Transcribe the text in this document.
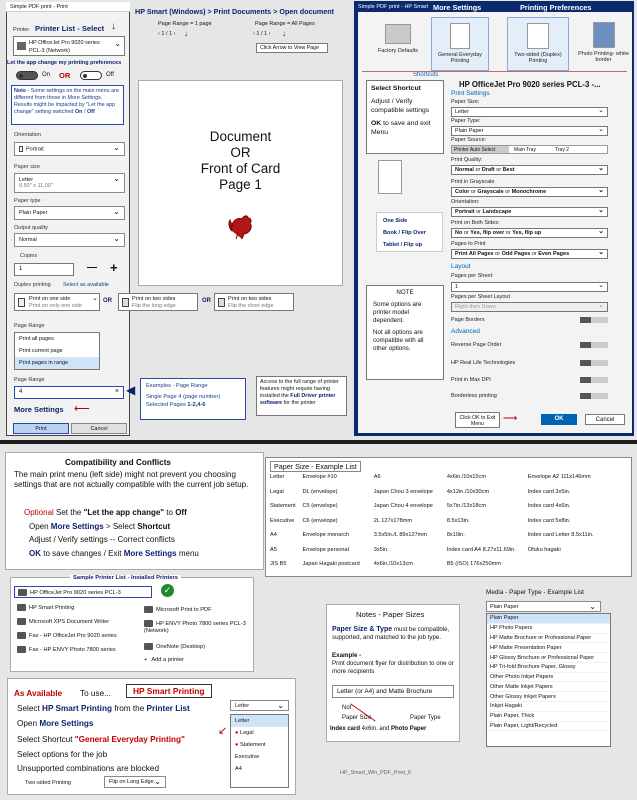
Simple PDF print - Print
Printer Printer List - Select ↓
HP OfficeJet Pro 9020 series
PCL-3 (Network)
⌄
Let the app change my printing preferences
On OR	Off
Note - Some settings on the main menu are different from those in More Settings. Results might be impacted by "Let the app change" setting switched On / Off
Orientation
Portrait ⌄
Paper size
Letter
8.50" x 11.00" ⌄
Paper type
Plain Paper ⌄
Output quality
Normal ⌄
Copies
1	— +
Duplex printing Select as available
Print on one side
Print on only one side
⌄ OR	Print on two sides
Flip the long edge
OR	Print on two sides
Flip the short edge
Page Range
Print all pages
Print current page
Print pages in range
Page Range
4	×
More Settings ⟵
Print	Cancel
HP Smart (Windows) > Print Documents > Open document
Page Range = 1 page	Page Range = All Pages
‹ 1 / 1 ›	‹ 1 / 1 ›
↓	↓
Click Arrow to View Page
Document
OR
Front of Card
Page 1
Access to the full range of printer features might require having installed the Full Driver printer software for the printer
◀ Examples - Page Range
Single Page 4 (page number)
Selected Pages 1-2,4-6
Simple PDF print - HP Smart More Settings	Printing Preferences
Factory Defaults
General Everyday Printing
Two-sided (Duplex) Printing
Photo Printing- white border
Shortcuts
Select Shortcut
Adjust / Verify compatible settings
OK to save and exit Menu
One Side
Book / Flip Over
Tablet / Flip up
NOTE
Some options are printer model dependent.
Not all options are compatible with all other options.
HP OfficeJet Pro 9020 series PCL-3 -...
Print Settings
Paper Size:
Letter ⌄
Paper Type:
Plain Paper ⌄
Paper Source:
Printer Auto Select	Main Tray	Tray 2
Print Quality:
Normal or Draft or Best ⌄
Print in Grayscale
Color or Grayscale or Monochrome ⌄
Orientation:
Portrait or Landscape ⌄
Print on Both Sides:
No or Yes, flip over or Yes, flip up ⌄
Pages to Print
Print All Pages or Odd Pages or Even Pages ⌄
Layout
Pages per Sheet:
1 ⌄
Pages per Sheet Layout
Right then Down ⌄
Page Borders
Advanced
Reverse Page Order
HP Real Life Technologies
Print in Max DPI
Borderless printing
Click OK to Exit Menu	⟶	OK	Cancel
Compatibility and Conflicts
The main print menu (left side) might not prevent you choosing settings that are not actually compatible with the current job setup.
Optional Set the "Let the app change" to Off
Open More Settings > Select Shortcut
Adjust / Verify settings -- Correct conflicts
OK to save changes / Exit More Settings menu
Paper Size - Example List
Letter	Envelope #10	A6	4x6in./10x15cm	Envelope A2 111x146mm
Legal	DL (envelope)	Japan Chou 3 envelope	4x12in./10x30cm	Index card 3x5in.
Statement	C5 (envelope)	Japan Chou 4 envelope	5x7in./13x18cm	Index card 4x6in.
Executive	C6 (envelope)	2L 127x178mm	8.5x13in.	Index card 5x8in.
A4	Envelope monarch	3.5x5in./L 89x127mm	8x10in.	Index card Letter 8.5x11in.
A5	Envelope personal	3x5in.	Index card A4 8.27x11.69in.	Ofuku hagaki
JIS B5	Japan Hagaki postcard	4x6in./10x13cm	B5 (ISO) 176x250mm	
Sample Printer List - Installed Printers
HP OfficeJet Pro 9020 series PCL-3	✓
HP Smart Printing
Microsoft XPS Document Writer
Fax - HP OfficeJet Pro 9020 series
Fax - HP ENVY Photo 7800 series
Microsoft Print to PDF
HP ENVY Photo 7800 series PCL-3 (Network)
OneNote (Desktop)
+ Add a printer
As Available To use...	HP Smart Printing
Select HP Smart Printing from the Printer List
Open More Settings
Select Shortcut "General Everyday Printing"
Select options for the job
Unsupported combinations are blocked
Two-sided Printing	Flip on Long Edge ⌄
Letter ⌄
Letter
● Legal
● Statement
Executive
A4
↙
Notes - Paper Sizes
Paper Size & Type must be compatible, supported, and matched to the job type.
Example -
Print document flyer for distribution to one or more recipients
Letter (or A4) and Matte Brochure
Not
Paper Size	Paper Type
Index card 4x6in. and Photo Paper
Media - Paper Type - Example List
Plain Paper ⌄
Plain Paper
HP Photo Papers
HP Matte Brochure or Professional Paper
HP Matte Presentation Paper
HP Glossy Brochure or Professional Paper
HP Tri-fold Brochure Paper, Glossy
Other Photo Inkjet Papers
Other Matte Inkjet Papers
Other Glossy Inkjet Papers
Inkjet Hagaki
Plain Paper, Thick
Plain Paper, Light/Recycled
HP_Smart_Win_PDF_Print_6
